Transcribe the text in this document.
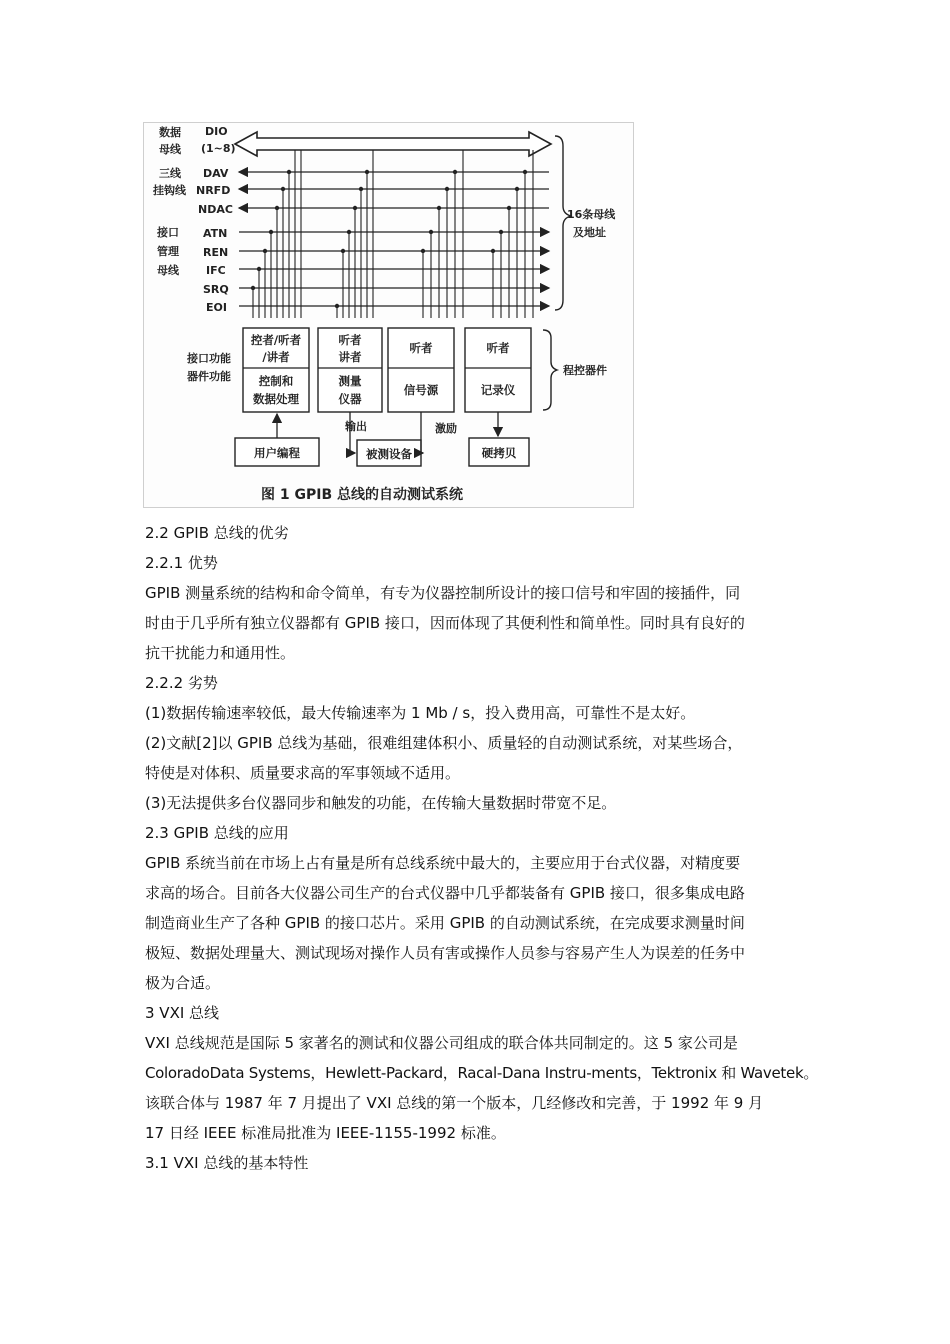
数据
母线
三线
挂钩线
接口
管理
母线
接口功能
器件功能
DIO
(1~8)
DAV
NRFD
NDAC
ATN
REN
IFC
SRQ
EOI
16条母线
及地址
控者/听者
/讲者
控制和
数据处理
听者
讲者
测量
仪器
听者
信号源
听者
记录仪
程控器件
用户编程	被测设备	硬拷贝
输出	激励
图 1 GPIB 总线的自动测试系统
2.2 GPIB 总线的优劣
2.2.1 优势
GPIB 测量系统的结构和命令简单，有专为仪器控制所设计的接口信号和牢固的接插件，同
时由于几乎所有独立仪器都有 GPIB 接口，因而体现了其便利性和简单性。同时具有良好的
抗干扰能力和通用性。
2.2.2 劣势
(1)数据传输速率较低，最大传输速率为 1 Mb / s，投入费用高，可靠性不是太好。
(2)文献[2]以 GPIB 总线为基础，很难组建体积小、质量轻的自动测试系统，对某些场合，
特使是对体积、质量要求高的军事领域不适用。
(3)无法提供多台仪器同步和触发的功能，在传输大量数据时带宽不足。
2.3 GPIB 总线的应用
GPIB 系统当前在市场上占有量是所有总线系统中最大的，主要应用于台式仪器，对精度要
求高的场合。目前各大仪器公司生产的台式仪器中几乎都装备有 GPIB 接口，很多集成电路
制造商业生产了各种 GPIB 的接口芯片。采用 GPIB 的自动测试系统，在完成要求测量时间
极短、数据处理量大、测试现场对操作人员有害或操作人员参与容易产生人为误差的任务中
极为合适。
3 VXI 总线
VXI 总线规范是国际 5 家著名的测试和仪器公司组成的联合体共同制定的。这 5 家公司是
ColoradoData Systems，Hewlett-Packard，Racal-Dana Instru-ments，Tektronix 和 Wavetek。
该联合体与 1987 年 7 月提出了 VXI 总线的第一个版本，几经修改和完善，于 1992 年 9 月
17 日经 IEEE 标准局批准为 IEEE-1155-1992 标准。
3.1 VXI 总线的基本特性
